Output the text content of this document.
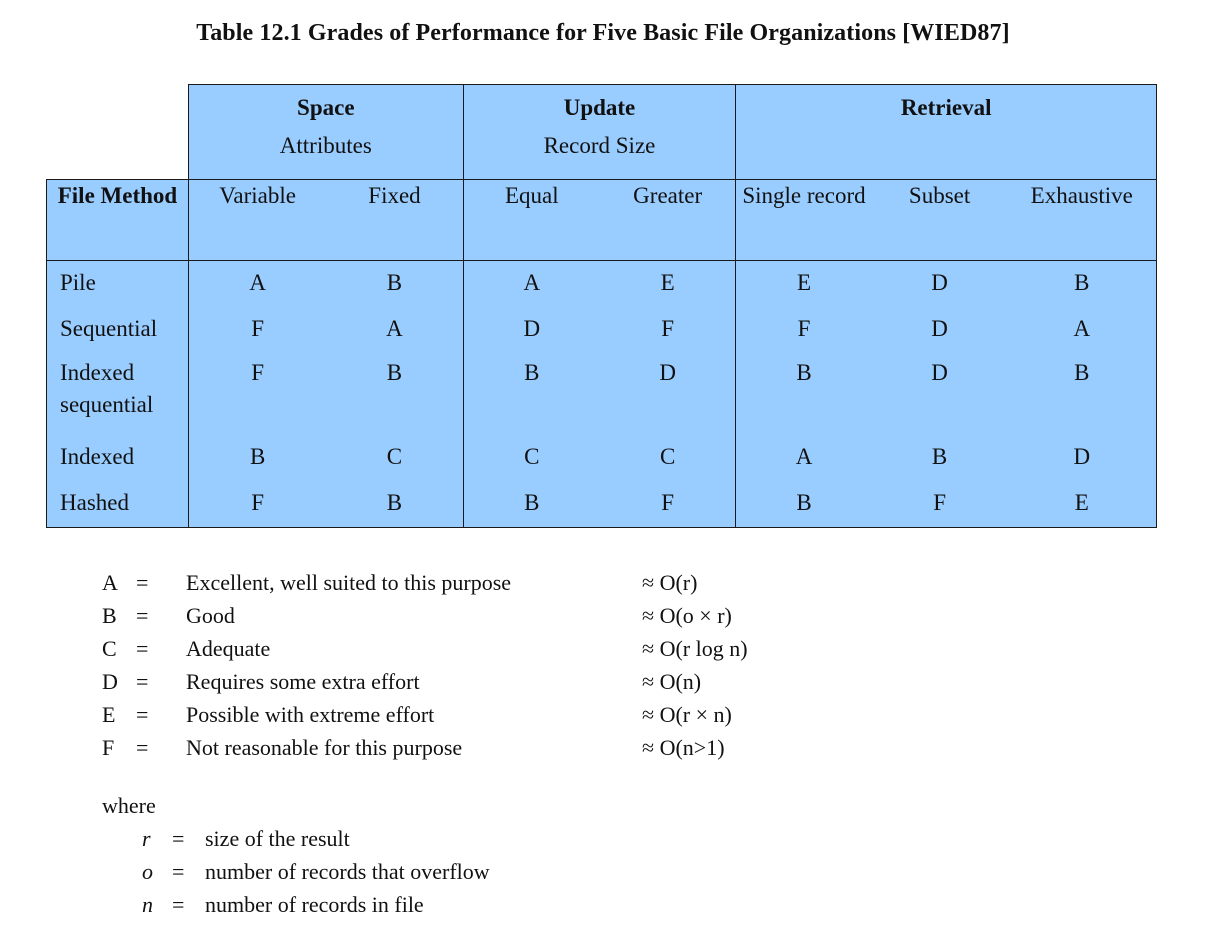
Table 12.1 Grades of Performance for Five Basic File Organizations [WIED87]
	Space		Update		Retrieval		
	Attributes		Record Size				
File Method	Variable	Fixed	Equal	Greater	Single record	Subset	Exhaustive
Pile	A	B	A	E	E	D	B
Sequential	F	A	D	F	F	D	A
Indexed sequential	F	B	B	D	B	D	B
Indexed	B	C	C	C	A	B	D
Hashed	F	B	B	F	B	F	E
A = Excellent, well suited to this purpose	≈ O(r)
B = Good	≈ O(o × r)
C = Adequate	≈ O(r log n)
D = Requires some extra effort	≈ O(n)
E = Possible with extreme effort	≈ O(r × n)
F = Not reasonable for this purpose	≈ O(n>1)
where
r = size of the result
o = number of records that overflow
n = number of records in file
